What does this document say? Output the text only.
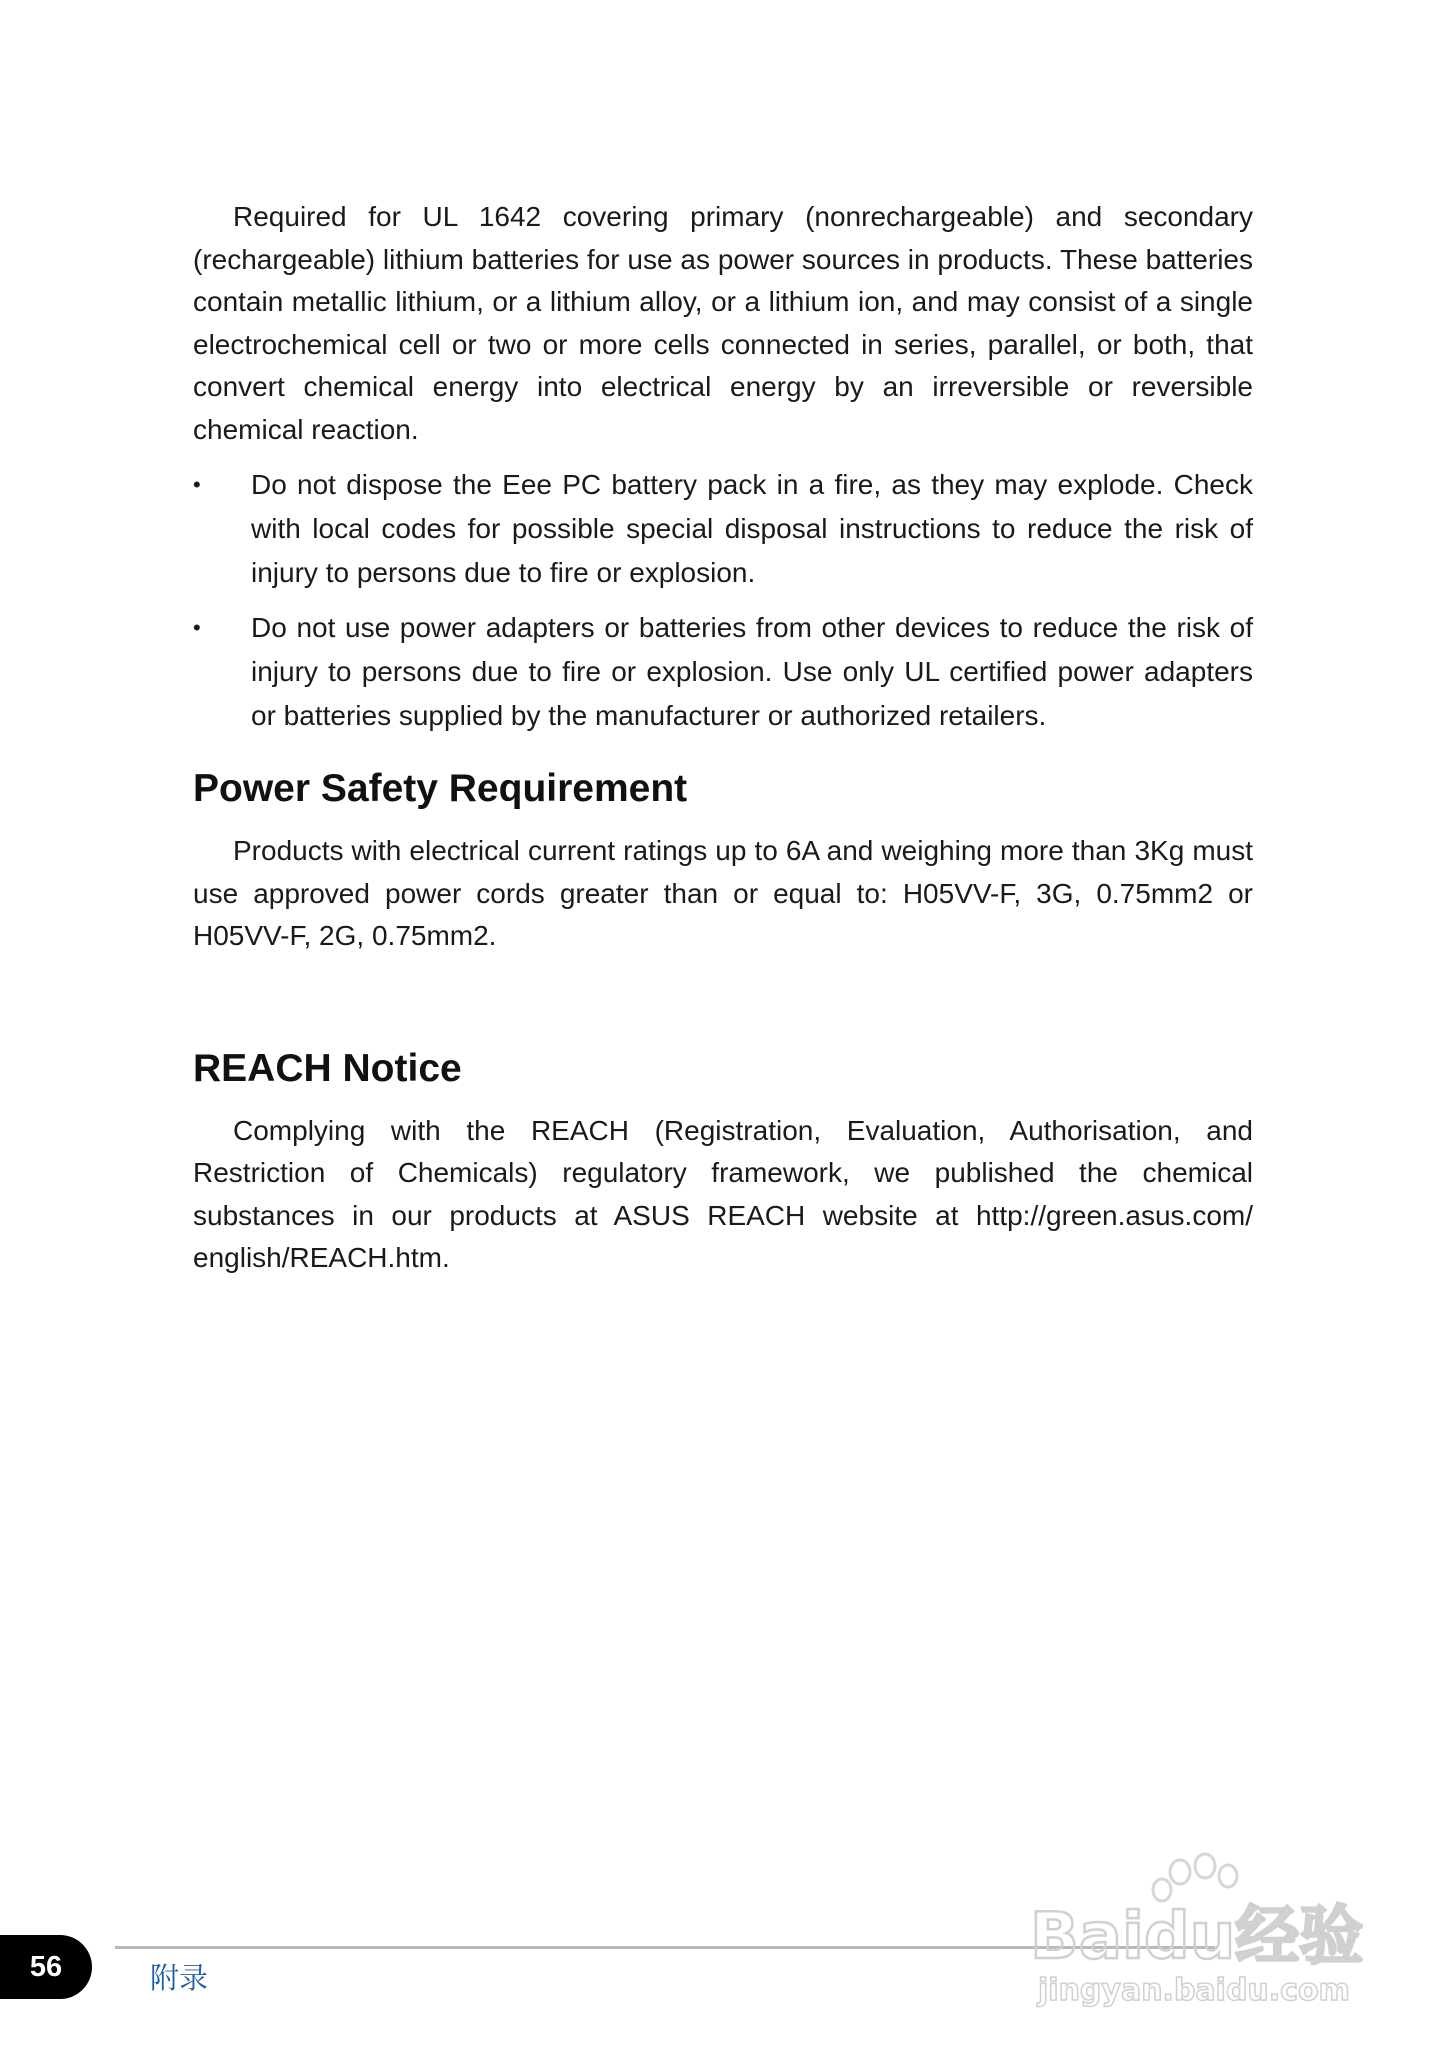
Required for UL 1642 covering primary (nonrechargeable) and secondary (rechargeable) lithium batteries for use as power sources in products. These batteries contain metallic lithium, or a lithium alloy, or a lithium ion, and may consist of a single electrochemical cell or two or more cells connected in series, parallel, or both, that convert chemical energy into electrical energy by an irreversible or reversible chemical reaction.

• Do not dispose the Eee PC battery pack in a fire, as they may explode. Check with local codes for possible special disposal instructions to reduce the risk of injury to persons due to fire or explosion.
• Do not use power adapters or batteries from other devices to reduce the risk of injury to persons due to fire or explosion. Use only UL certified power adapters or batteries supplied by the manufacturer or authorized retailers.
Power Safety Requirement

Products with electrical current ratings up to 6A and weighing more than 3Kg must use approved power cords greater than or equal to: H05VV-F, 3G, 0.75mm2 or H05VV-F, 2G, 0.75mm2.

REACH Notice

Complying with the REACH (Registration, Evaluation, Authorisation, and Restriction of Chemicals) regulatory framework, we published the chemical substances in our products at ASUS REACH website at http://green.asus.com/ english/REACH.htm.

56	附录
Baidu经验
jingyan.baidu.com
